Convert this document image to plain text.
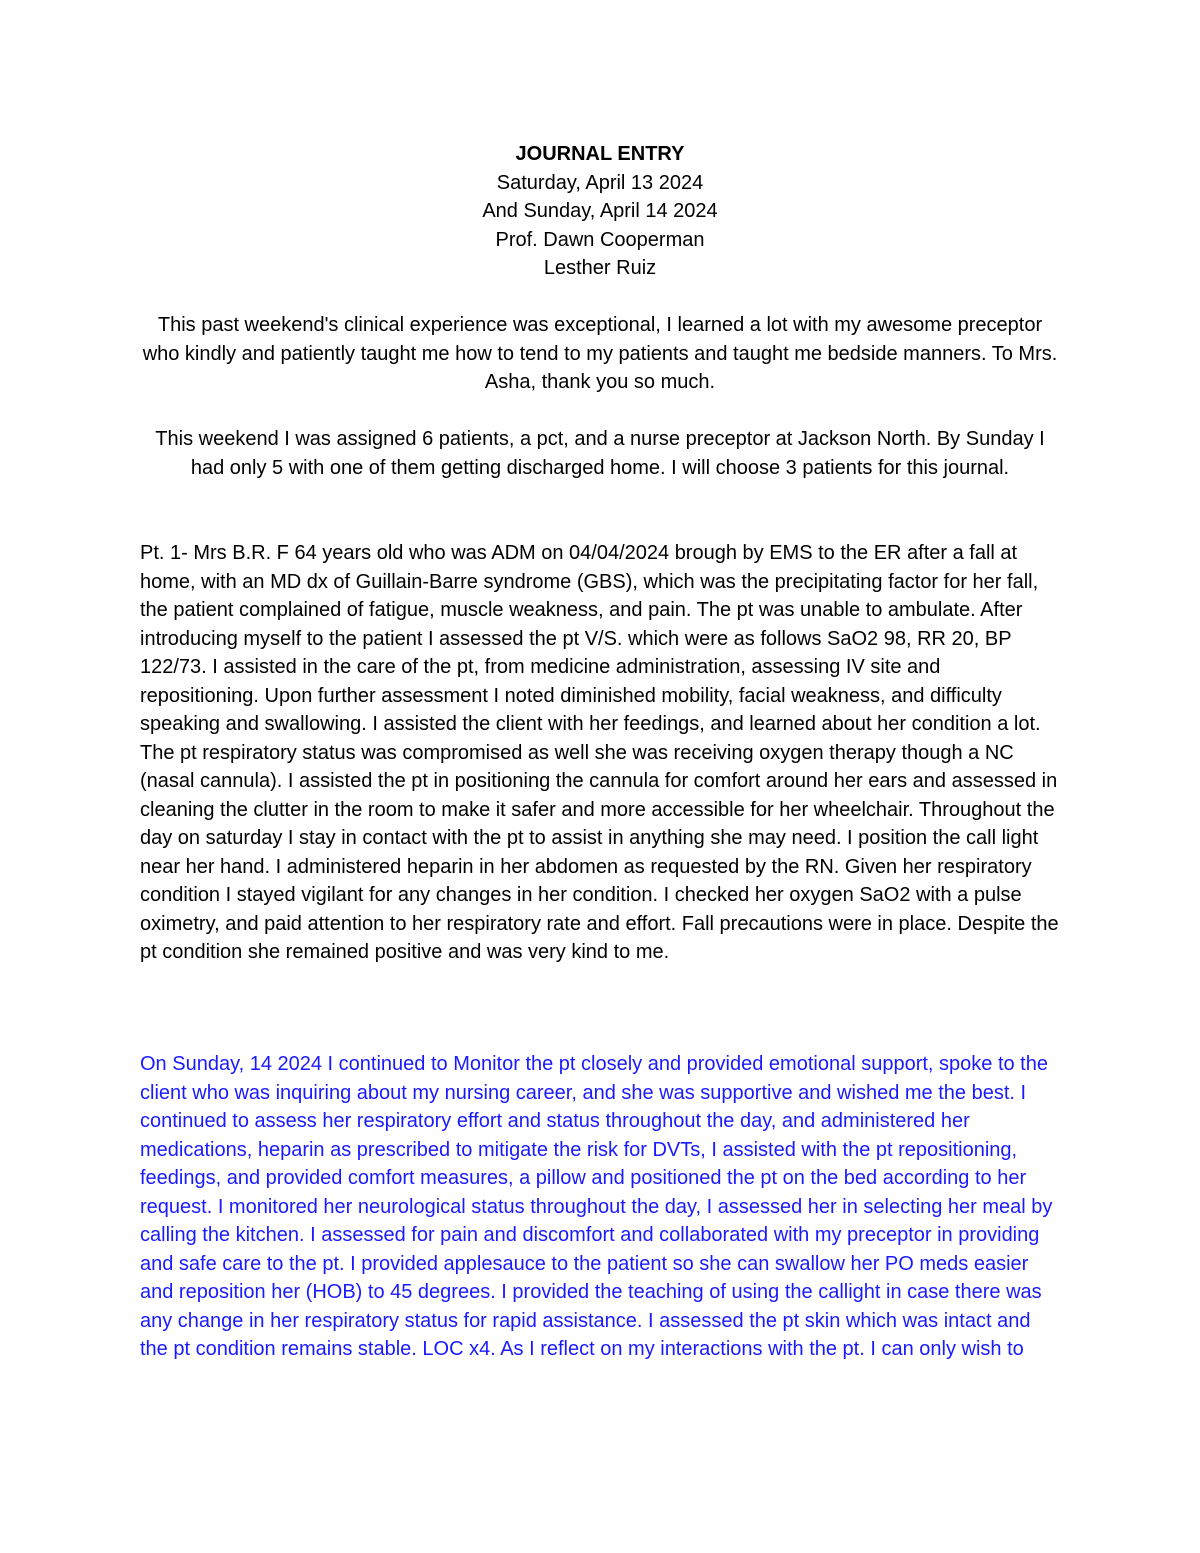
JOURNAL ENTRY
Saturday, April 13 2024
And Sunday, April 14 2024
Prof. Dawn Cooperman
Lesther Ruiz

This past weekend's clinical experience was exceptional, I learned a lot with my awesome preceptor who kindly and patiently taught me how to tend to my patients and taught me bedside manners. To Mrs. Asha, thank you so much.

This weekend I was assigned 6 patients, a pct, and a nurse preceptor at Jackson North. By Sunday I had only 5 with one of them getting discharged home. I will choose 3 patients for this journal.

Pt. 1- Mrs B.R. F 64 years old who was ADM on 04/04/2024 brough by EMS to the ER after a fall at home, with an MD dx of Guillain-Barre syndrome (GBS), which was the precipitating factor for her fall, the patient complained of fatigue, muscle weakness, and pain. The pt was unable to ambulate. After introducing myself to the patient I assessed the pt V/S. which were as follows SaO2 98, RR 20, BP 122/73. I assisted in the care of the pt, from medicine administration, assessing IV site and repositioning. Upon further assessment I noted diminished mobility, facial weakness, and difficulty speaking and swallowing. I assisted the client with her feedings, and learned about her condition a lot. The pt respiratory status was compromised as well she was receiving oxygen therapy though a NC (nasal cannula). I assisted the pt in positioning the cannula for comfort around her ears and assessed in cleaning the clutter in the room to make it safer and more accessible for her wheelchair. Throughout the day on saturday I stay in contact with the pt to assist in anything she may need. I position the call light near her hand. I administered heparin in her abdomen as requested by the RN. Given her respiratory condition I stayed vigilant for any changes in her condition. I checked her oxygen SaO2 with a pulse oximetry, and paid attention to her respiratory rate and effort. Fall precautions were in place. Despite the pt condition she remained positive and was very kind to me.

On Sunday, 14 2024 I continued to Monitor the pt closely and provided emotional support, spoke to the client who was inquiring about my nursing career, and she was supportive and wished me the best. I continued to assess her respiratory effort and status throughout the day, and administered her medications, heparin as prescribed to mitigate the risk for DVTs, I assisted with the pt repositioning, feedings, and provided comfort measures, a pillow and positioned the pt on the bed according to her request. I monitored her neurological status throughout the day, I assessed her in selecting her meal by calling the kitchen. I assessed for pain and discomfort and collaborated with my preceptor in providing and safe care to the pt. I provided applesauce to the patient so she can swallow her PO meds easier and reposition her (HOB) to 45 degrees. I provided the teaching of using the callight in case there was any change in her respiratory status for rapid assistance. I assessed the pt skin which was intact and the pt condition remains stable. LOC x4. As I reflect on my interactions with the pt. I can only wish to
